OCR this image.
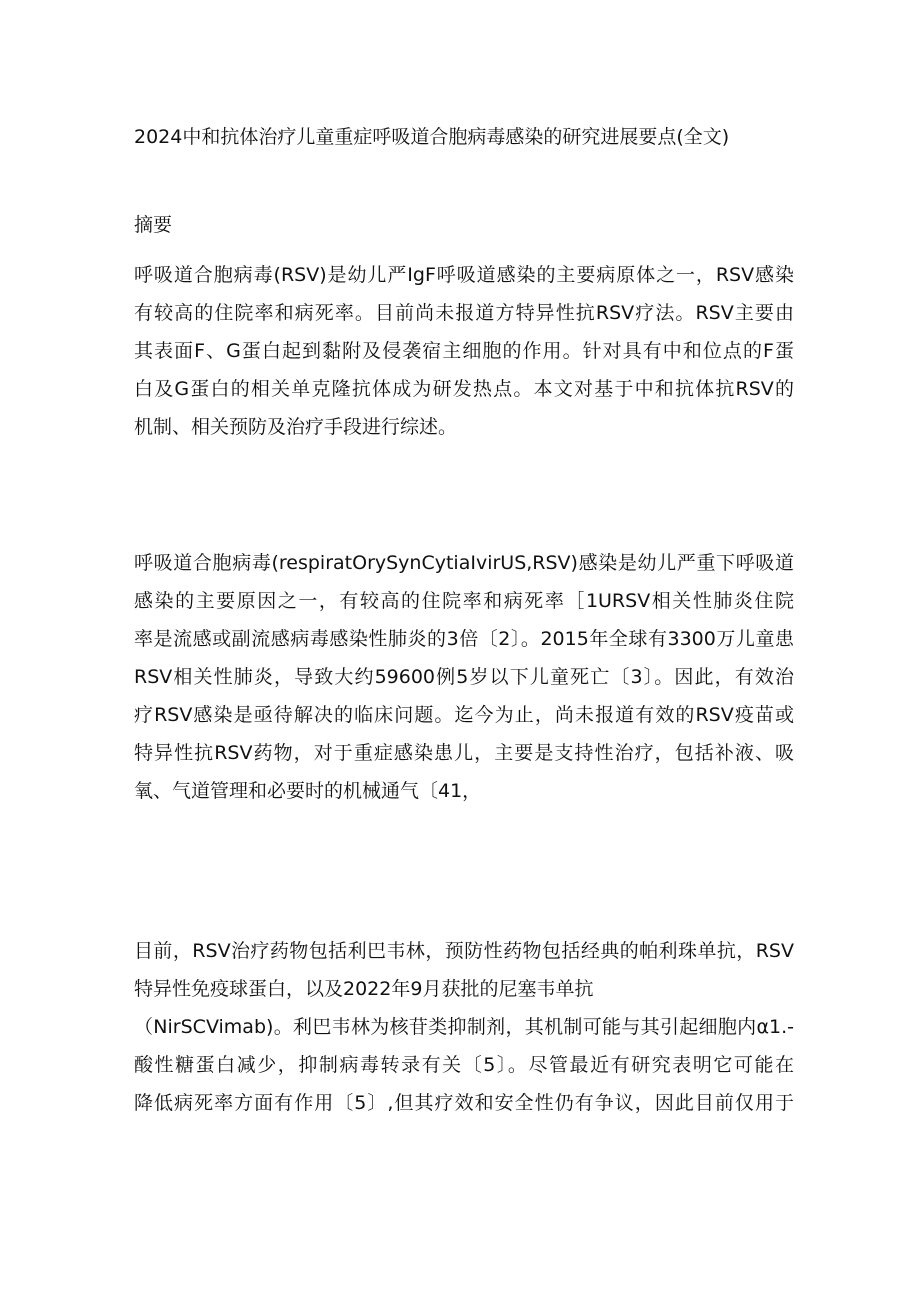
2024中和抗体治疗儿童重症呼吸道合胞病毒感染的研究进展要点(全文)
摘要
呼吸道合胞病毒(RSV)是幼儿严IgF呼吸道感染的主要病原体之一，RSV感染
有较高的住院率和病死率。目前尚未报道方特异性抗RSV疗法。RSV主要由
其表面F、G蛋白起到黏附及侵袭宿主细胞的作用。针对具有中和位点的F蛋
白及G蛋白的相关单克隆抗体成为研发热点。本文对基于中和抗体抗RSV的
机制、相关预防及治疗手段进行综述。
呼吸道合胞病毒(respiratOrySynCytiaIvirUS,RSV)感染是幼儿严重下呼吸道
感染的主要原因之一，有较高的住院率和病死率［1URSV相关性肺炎住院
率是流感或副流感病毒感染性肺炎的3倍〔2〕。2015年全球有3300万儿童患
RSV相关性肺炎，导致大约59600例5岁以下儿童死亡〔3〕。因此，有效治
疗RSV感染是亟待解决的临床问题。迄今为止，尚未报道有效的RSV疫苗或
特异性抗RSV药物，对于重症感染患儿，主要是支持性治疗，包括补液、吸
氧、气道管理和必要时的机械通气〔41，
目前，RSV治疗药物包括利巴韦林，预防性药物包括经典的帕利珠单抗，RSV
特异性免疫球蛋白，以及2022年9月获批的尼塞韦单抗
（NirSCVimab)。利巴韦林为核苷类抑制剂，其机制可能与其引起细胞内α1.-
酸性糖蛋白减少，抑制病毒转录有关〔5〕。尽管最近有研究表明它可能在
降低病死率方面有作用〔5〕,但其疗效和安全性仍有争议，因此目前仅用于
